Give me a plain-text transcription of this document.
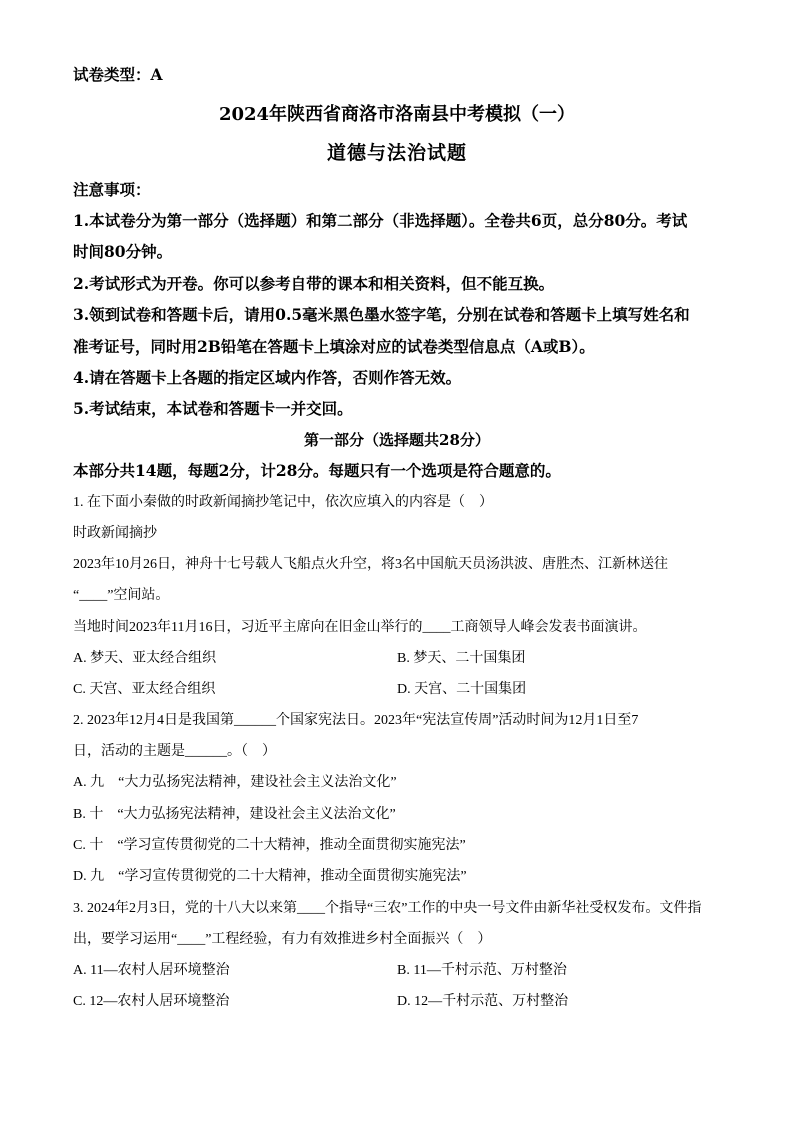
试卷类型：A
2024年陕西省商洛市洛南县中考模拟（一）
道德与法治试题
注意事项：
1.本试卷分为第一部分（选择题）和第二部分（非选择题）。全卷共6页，总分80分。考试
时间80分钟。
2.考试形式为开卷。你可以参考自带的课本和相关资料，但不能互换。
3.领到试卷和答题卡后，请用0.5毫米黑色墨水签字笔，分别在试卷和答题卡上填写姓名和
准考证号，同时用2B铅笔在答题卡上填涂对应的试卷类型信息点（A或B）。
4.请在答题卡上各题的指定区域内作答，否则作答无效。
5.考试结束，本试卷和答题卡一并交回。
第一部分（选择题共28分）
本部分共14题，每题2分，计28分。每题只有一个选项是符合题意的。
1. 在下面小秦做的时政新闻摘抄笔记中，依次应填入的内容是（    ）
时政新闻摘抄
2023年10月26日，神舟十七号载人飞船点火升空，将3名中国航天员汤洪波、唐胜杰、江新林送往
“____”空间站。
当地时间2023年11月16日，习近平主席向在旧金山举行的____工商领导人峰会发表书面演讲。
A. 梦天、亚太经合组织	B. 梦天、二十国集团
C. 天宫、亚太经合组织	D. 天宫、二十国集团
2. 2023年12月4日是我国第______个国家宪法日。2023年“宪法宣传周”活动时间为12月1日至7
日，活动的主题是______。（    ）
A. 九    “大力弘扬宪法精神，建设社会主义法治文化”
B. 十    “大力弘扬宪法精神，建设社会主义法治文化”
C. 十    “学习宣传贯彻党的二十大精神，推动全面贯彻实施宪法”
D. 九    “学习宣传贯彻党的二十大精神，推动全面贯彻实施宪法”
3. 2024年2月3日，党的十八大以来第____个指导“三农”工作的中央一号文件由新华社受权发布。文件指
出，要学习运用“____”工程经验，有力有效推进乡村全面振兴（    ）
A. 11—农村人居环境整治	B. 11—千村示范、万村整治
C. 12—农村人居环境整治	D. 12—千村示范、万村整治
